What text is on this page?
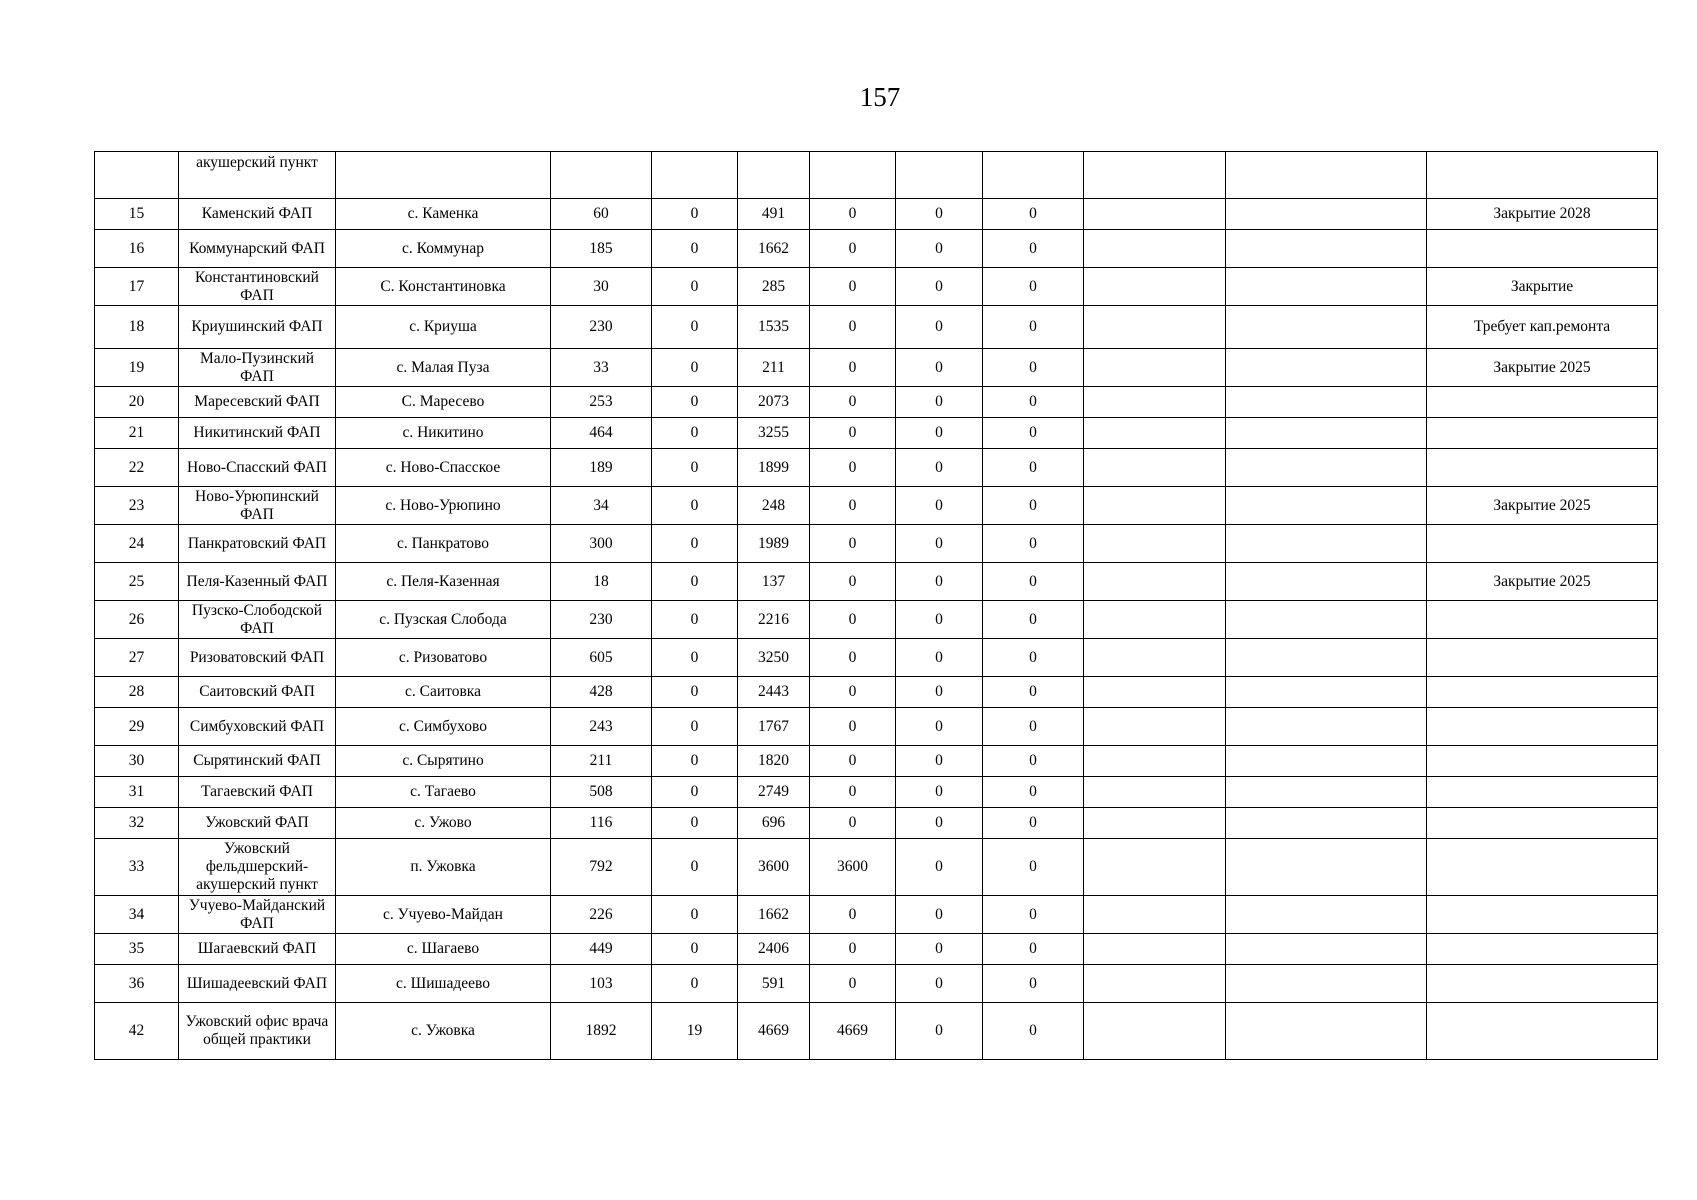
157
	акушерский пункт										
15	Каменский ФАП	с. Каменка	60	0	491	0	0	0			Закрытие 2028
16	Коммунарский ФАП	с. Коммунар	185	0	1662	0	0	0			
17	Константиновский ФАП	С. Константиновка	30	0	285	0	0	0			Закрытие
18	Криушинский ФАП	с. Криуша	230	0	1535	0	0	0			Требует кап.ремонта
19	Мало-Пузинский ФАП	с. Малая Пуза	33	0	211	0	0	0			Закрытие 2025
20	Маресевский ФАП	С. Маресево	253	0	2073	0	0	0			
21	Никитинский ФАП	с. Никитино	464	0	3255	0	0	0			
22	Ново-Спасский ФАП	с. Ново-Спасское	189	0	1899	0	0	0			
23	Ново-Урюпинский ФАП	с. Ново-Урюпино	34	0	248	0	0	0			Закрытие 2025
24	Панкратовский ФАП	с. Панкратово	300	0	1989	0	0	0			
25	Пеля-Казенный ФАП	с. Пеля-Казенная	18	0	137	0	0	0			Закрытие 2025
26	Пузско-Слободской ФАП	с. Пузская Слобода	230	0	2216	0	0	0			
27	Ризоватовский ФАП	с. Ризоватово	605	0	3250	0	0	0			
28	Саитовский ФАП	с. Саитовка	428	0	2443	0	0	0			
29	Симбуховский ФАП	с. Симбухово	243	0	1767	0	0	0			
30	Сырятинский ФАП	с. Сырятино	211	0	1820	0	0	0			
31	Тагаевский ФАП	с. Тагаево	508	0	2749	0	0	0			
32	Ужовский ФАП	с. Ужово	116	0	696	0	0	0			
33	Ужовский фельдшерский-акушерский пункт	п. Ужовка	792	0	3600	3600	0	0			
34	Учуево-Майданский ФАП	с. Учуево-Майдан	226	0	1662	0	0	0			
35	Шагаевский ФАП	с. Шагаево	449	0	2406	0	0	0			
36	Шишадеевский ФАП	с. Шишадеево	103	0	591	0	0	0			
42	Ужовский офис врача общей практики	с. Ужовка	1892	19	4669	4669	0	0			
